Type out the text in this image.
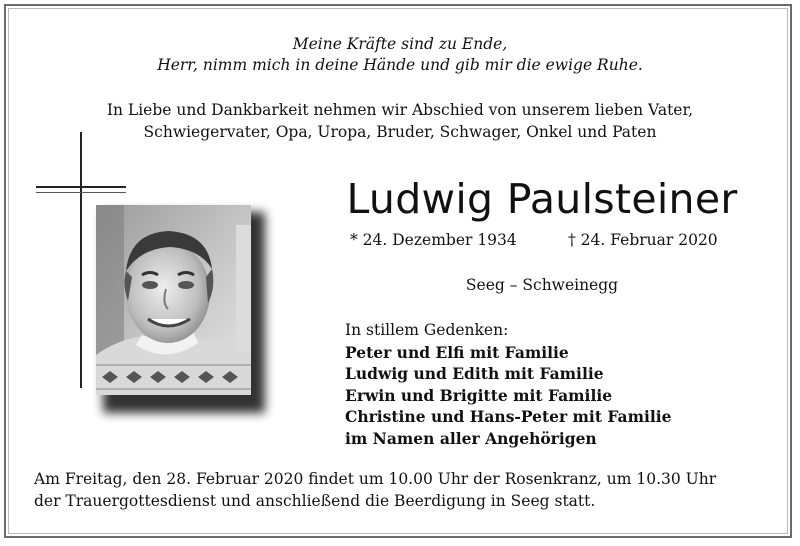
Meine Kräfte sind zu Ende,
Herr, nimm mich in deine Hände und gib mir die ewige Ruhe.
In Liebe und Dankbarkeit nehmen wir Abschied von unserem lieben Vater,
Schwiegervater, Opa, Uropa, Bruder, Schwager, Onkel und Paten
Ludwig Paulsteiner
* 24. Dezember 1934	† 24. Februar 2020
Seeg – Schweinegg
In stillem Gedenken:
Peter und Elfi mit Familie
Ludwig und Edith mit Familie
Erwin und Brigitte mit Familie
Christine und Hans-Peter mit Familie
im Namen aller Angehörigen
Am Freitag, den 28. Februar 2020 findet um 10.00 Uhr der Rosenkranz, um 10.30 Uhr
der Trauergottesdienst und anschließend die Beerdigung in Seeg statt.
